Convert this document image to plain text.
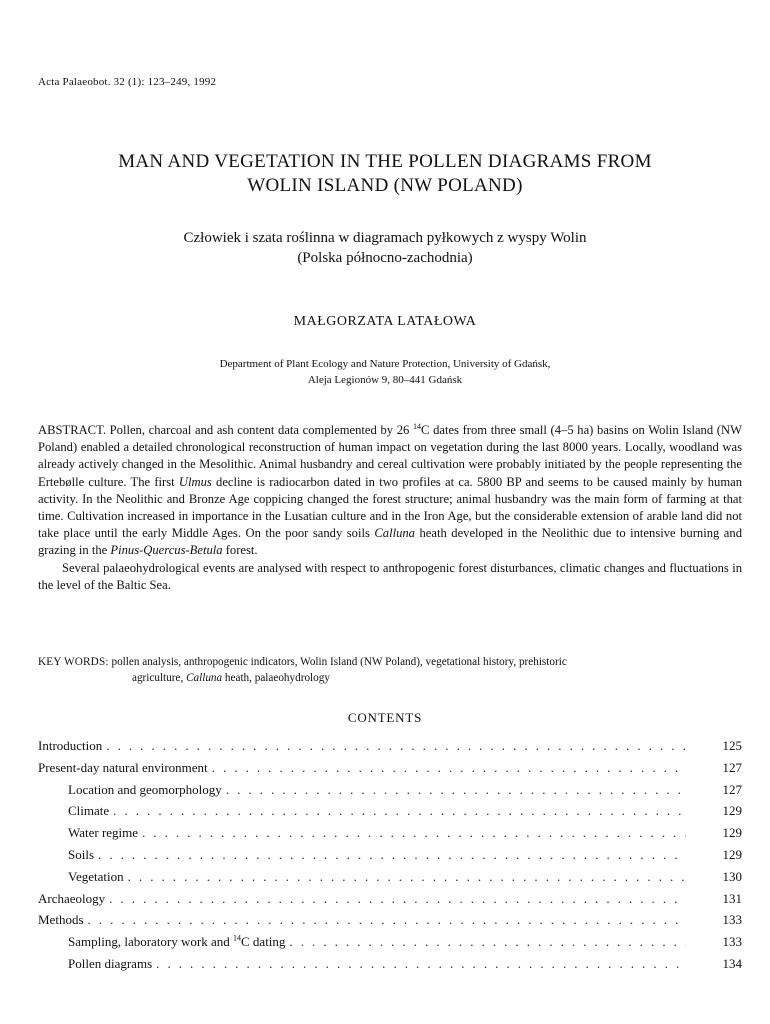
Acta Palaeobot. 32 (1): 123–249, 1992
MAN AND VEGETATION IN THE POLLEN DIAGRAMS FROM
WOLIN ISLAND (NW POLAND)
Człowiek i szata roślinna w diagramach pyłkowych z wyspy Wolin
(Polska północno-zachodnia)
MAŁGORZATA LATAŁOWA
Department of Plant Ecology and Nature Protection, University of Gdańsk,
Aleja Legionów 9, 80–441 Gdańsk

ABSTRACT. Pollen, charcoal and ash content data complemented by 26 $^{14}$C dates from three small (4–5 ha) basins on Wolin Island (NW Poland) enabled a detailed chronological reconstruction of human impact on vegetation during the last 8000 years. Locally, woodland was already actively changed in the Mesolithic. Animal husbandry and cereal cultivation were probably initiated by the people representing the Ertebølle culture. The first Ulmus decline is radiocarbon dated in two profiles at ca. 5800 BP and seems to be caused mainly by human activity. In the Neolithic and Bronze Age coppicing changed the forest structure; animal husbandry was the main form of farming at that time. Cultivation increased in importance in the Lusatian culture and in the Iron Age, but the considerable extension of arable land did not take place until the early Middle Ages. On the poor sandy soils Calluna heath developed in the Neolithic due to intensive burning and grazing in the Pinus-Quercus-Betula forest.

Several palaeohydrological events are analysed with respect to anthropogenic forest disturbances, climatic changes and fluctuations in the level of the Baltic Sea.

KEY WORDS: pollen analysis, anthropogenic indicators, Wolin Island (NW Poland), vegetational history, prehistoric
agriculture, Calluna heath, palaeohydrology
CONTENTS
Introduction . . .	125
Present-day natural environment . . .	127
Location and geomorphology . . .	127
Climate . . .	129
Water regime . . .	129
Soils . . .	129
Vegetation . . .	130
Archaeology . . .	131
Methods . . .	133
Sampling, laboratory work and $^{14}$C dating . . .	133
Pollen diagrams . . .	134
